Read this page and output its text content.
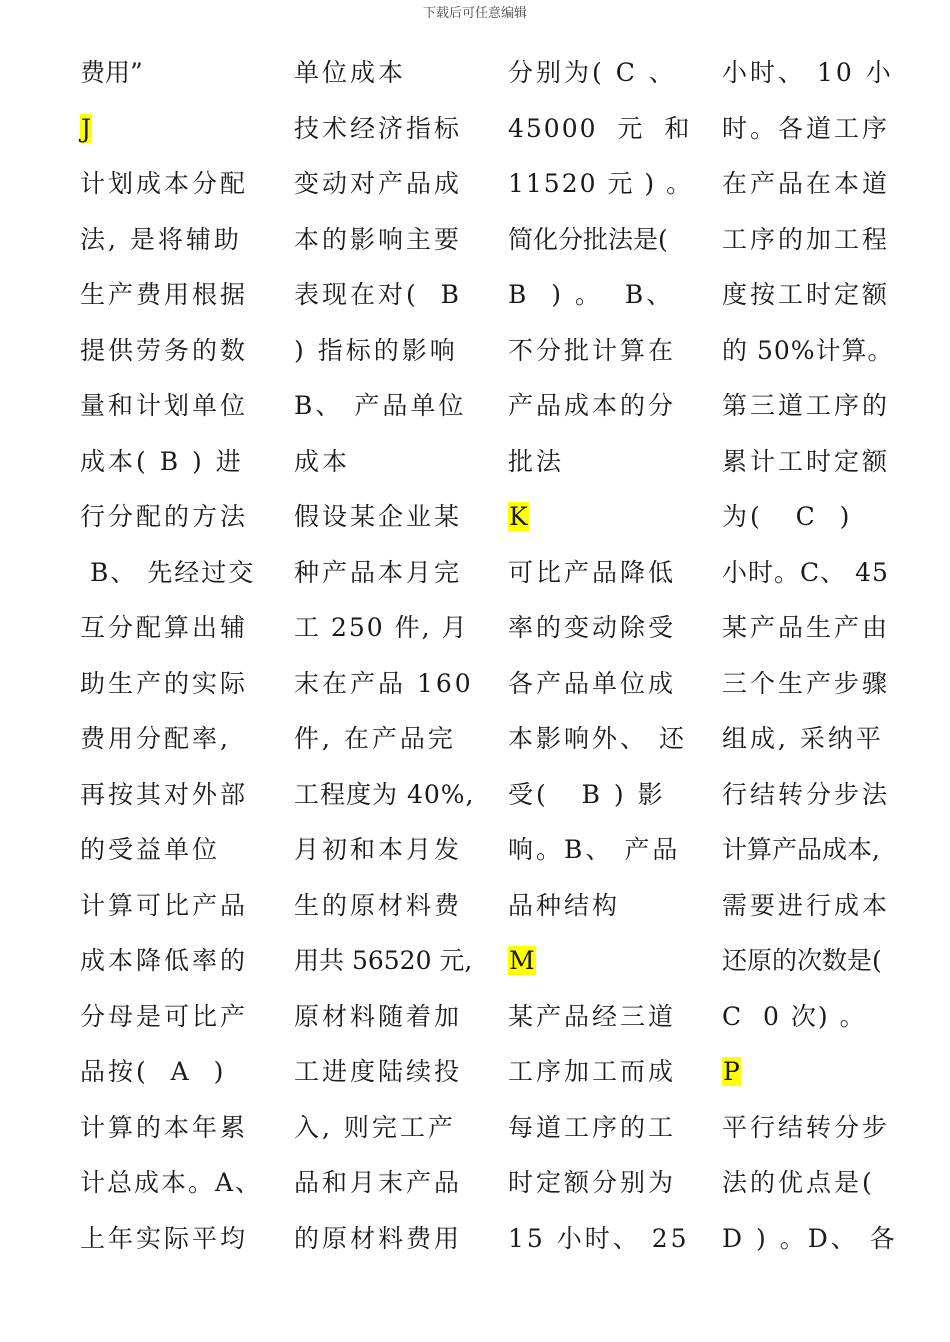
下载后可任意编辑
费用”
J
计划成本分配
法, 是将辅助
生产费用根据
提供劳务的数
量和计划单位
成本( B ) 进
行分配的方法
B、 先经过交
互分配算出辅
助生产的实际
费用分配率,
再按其对外部
的受益单位
计算可比产品
成本降低率的
分母是可比产
品按(  A  )
计算的本年累
计总成本。A、
上年实际平均
单位成本
技术经济指标
变动对产品成
本的影响主要
表现在对(  B
) 指标的影响
B、 产品单位
成本
假设某企业某
种产品本月完
工 250 件, 月
末在产品 160
件, 在产品完
工程度为 40%,
月初和本月发
生的原材料费
用共 56520 元,
原材料随着加
工进度陆续投
入, 则完工产
品和月末产品
的原材料费用
分别为( C 、
45000  元  和
11520 元 ) 。
简化分批法是(
B  ) 。  B、
不分批计算在
产品成本的分
批法
K
可比产品降低
率的变动除受
各产品单位成
本影响外、 还
受(   B ) 影
响。B、 产品
品种结构
M
某产品经三道
工序加工而成
每道工序的工
时定额分别为
15 小时、 25
小时、 10 小
时。各道工序
在产品在本道
工序的加工程
度按工时定额
的 50%计算。
第三道工序的
累计工时定额
为(   C  )
小时。C、 45
某产品生产由
三个生产步骤
组成, 采纳平
行结转分步法
计算产品成本,
需要进行成本
还原的次数是(
C  0 次) 。
P
平行结转分步
法的优点是(
D ) 。D、 各
